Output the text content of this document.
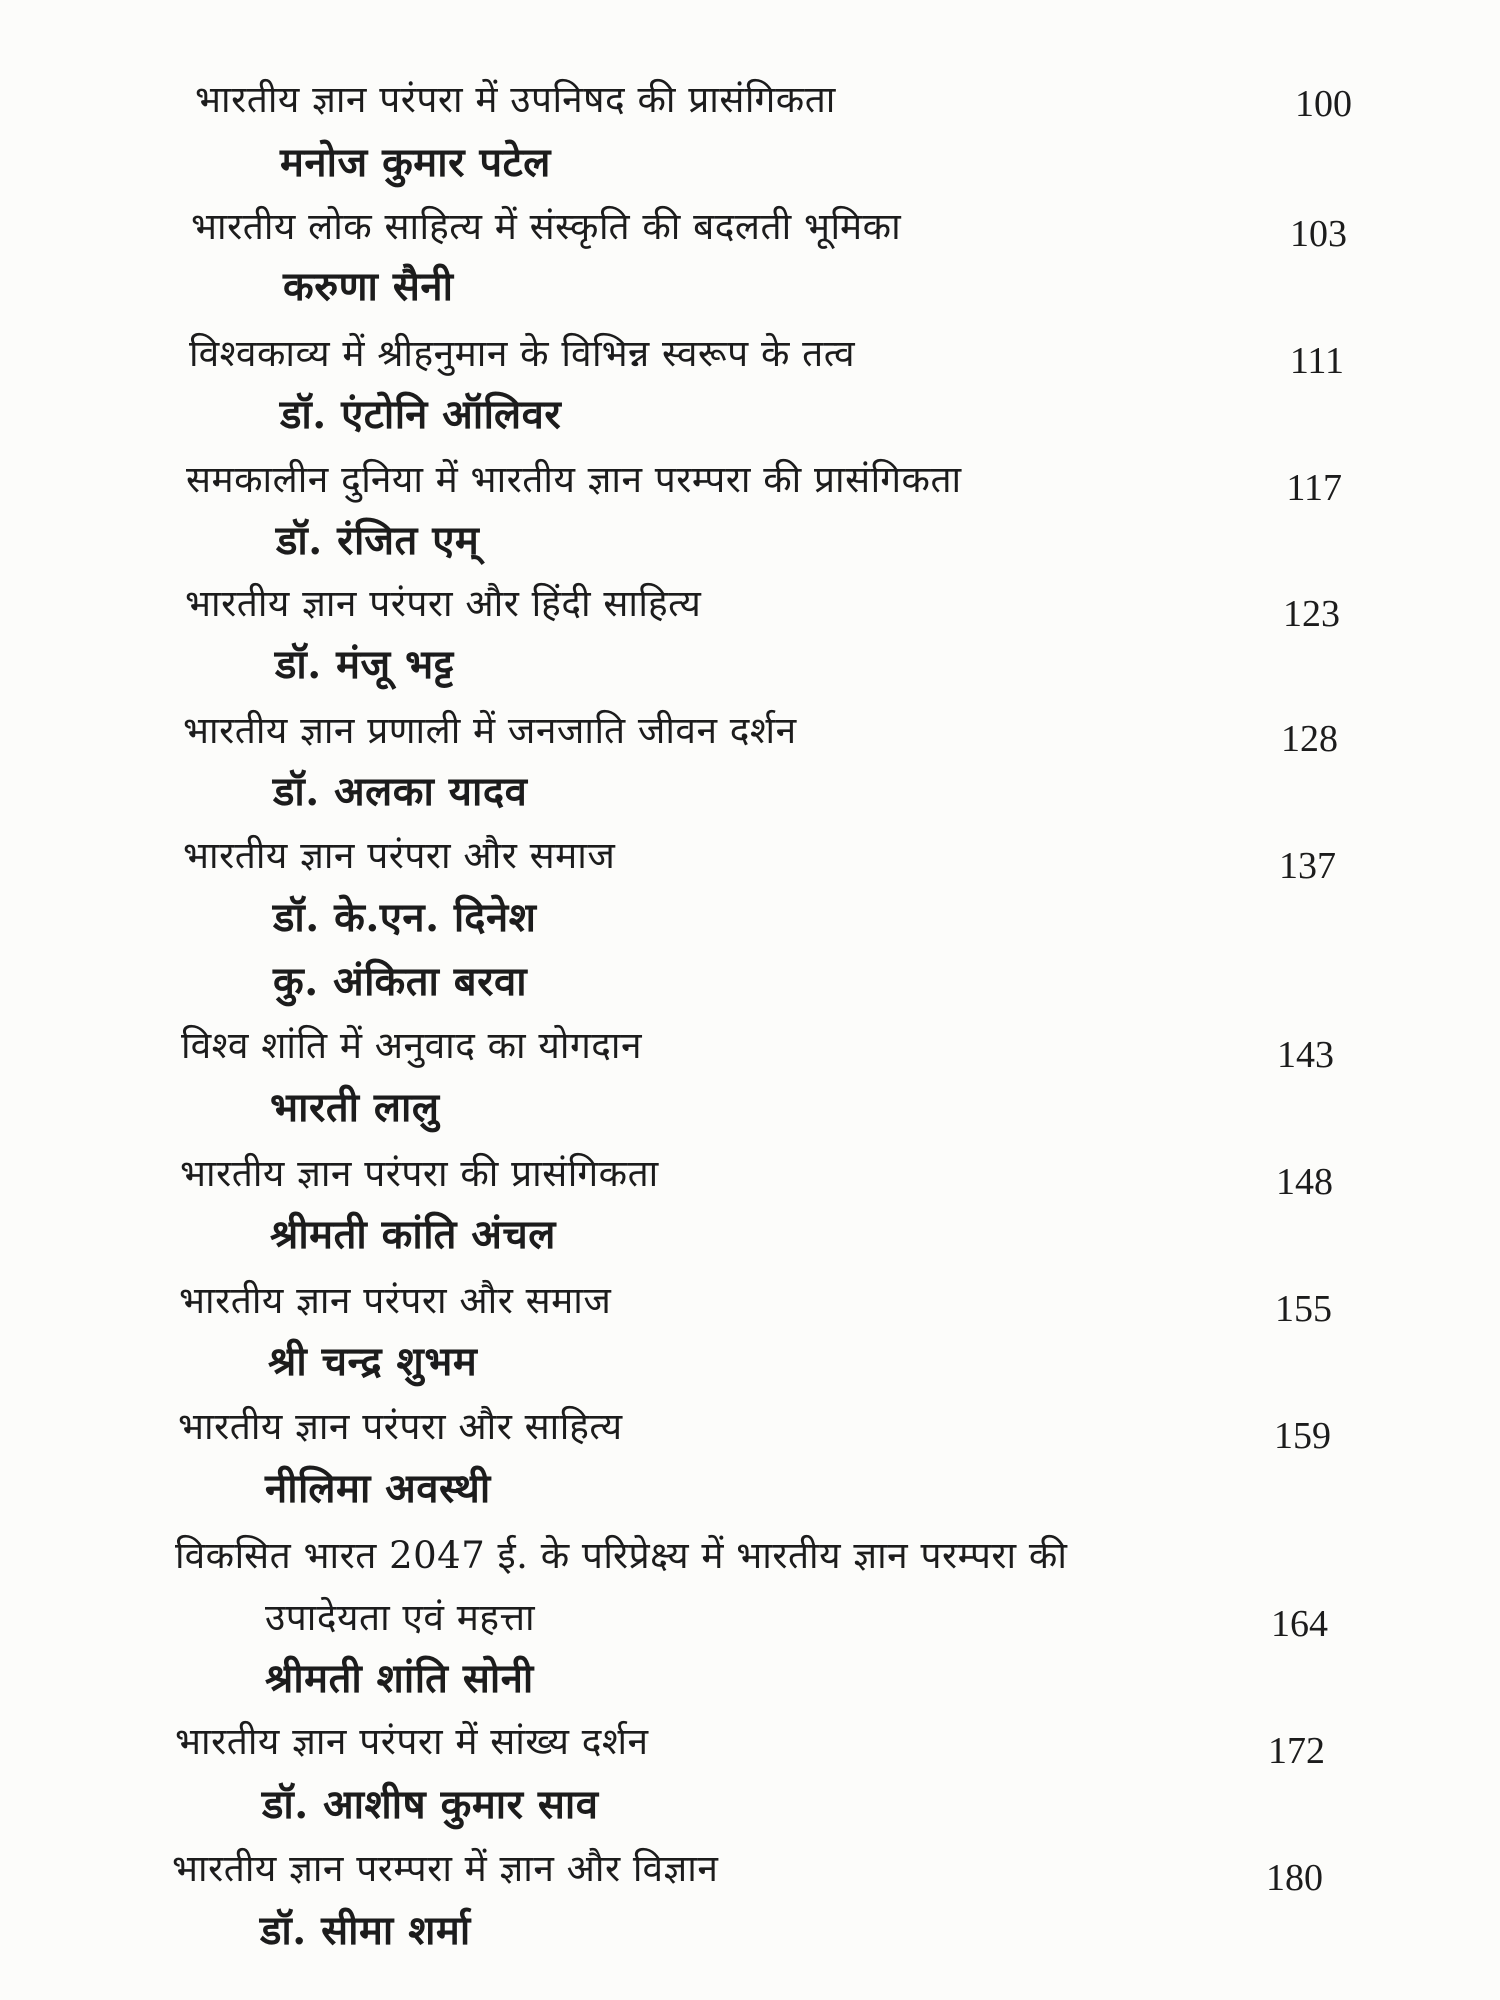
भारतीय ज्ञान परंपरा में उपनिषद की प्रासंगिकता	100
मनोज कुमार पटेल
भारतीय लोक साहित्य में संस्कृति की बदलती भूमिका	103
करुणा सैनी
विश्वकाव्य में श्रीहनुमान के विभिन्न स्वरूप के तत्व	111
डॉ. एंटोनि ऑलिवर
समकालीन दुनिया में भारतीय ज्ञान परम्परा की प्रासंगिकता	117
डॉ. रंजित एम्
भारतीय ज्ञान परंपरा और हिंदी साहित्य	123
डॉ. मंजू भट्ट
भारतीय ज्ञान प्रणाली में जनजाति जीवन दर्शन	128
डॉ. अलका यादव
भारतीय ज्ञान परंपरा और समाज	137
डॉ. के.एन. दिनेश
कु. अंकिता बरवा
विश्व शांति में अनुवाद का योगदान	143
भारती लालु
भारतीय ज्ञान परंपरा की प्रासंगिकता	148
श्रीमती कांति अंचल
भारतीय ज्ञान परंपरा और समाज	155
श्री चन्द्र शुभम
भारतीय ज्ञान परंपरा और साहित्य	159
नीलिमा अवस्थी
विकसित भारत 2047 ई. के परिप्रेक्ष्य में भारतीय ज्ञान परम्परा की
उपादेयता एवं महत्ता	164
श्रीमती शांति सोनी
भारतीय ज्ञान परंपरा में सांख्य दर्शन	172
डॉ. आशीष कुमार साव
भारतीय ज्ञान परम्परा में ज्ञान और विज्ञान	180
डॉ. सीमा शर्मा
